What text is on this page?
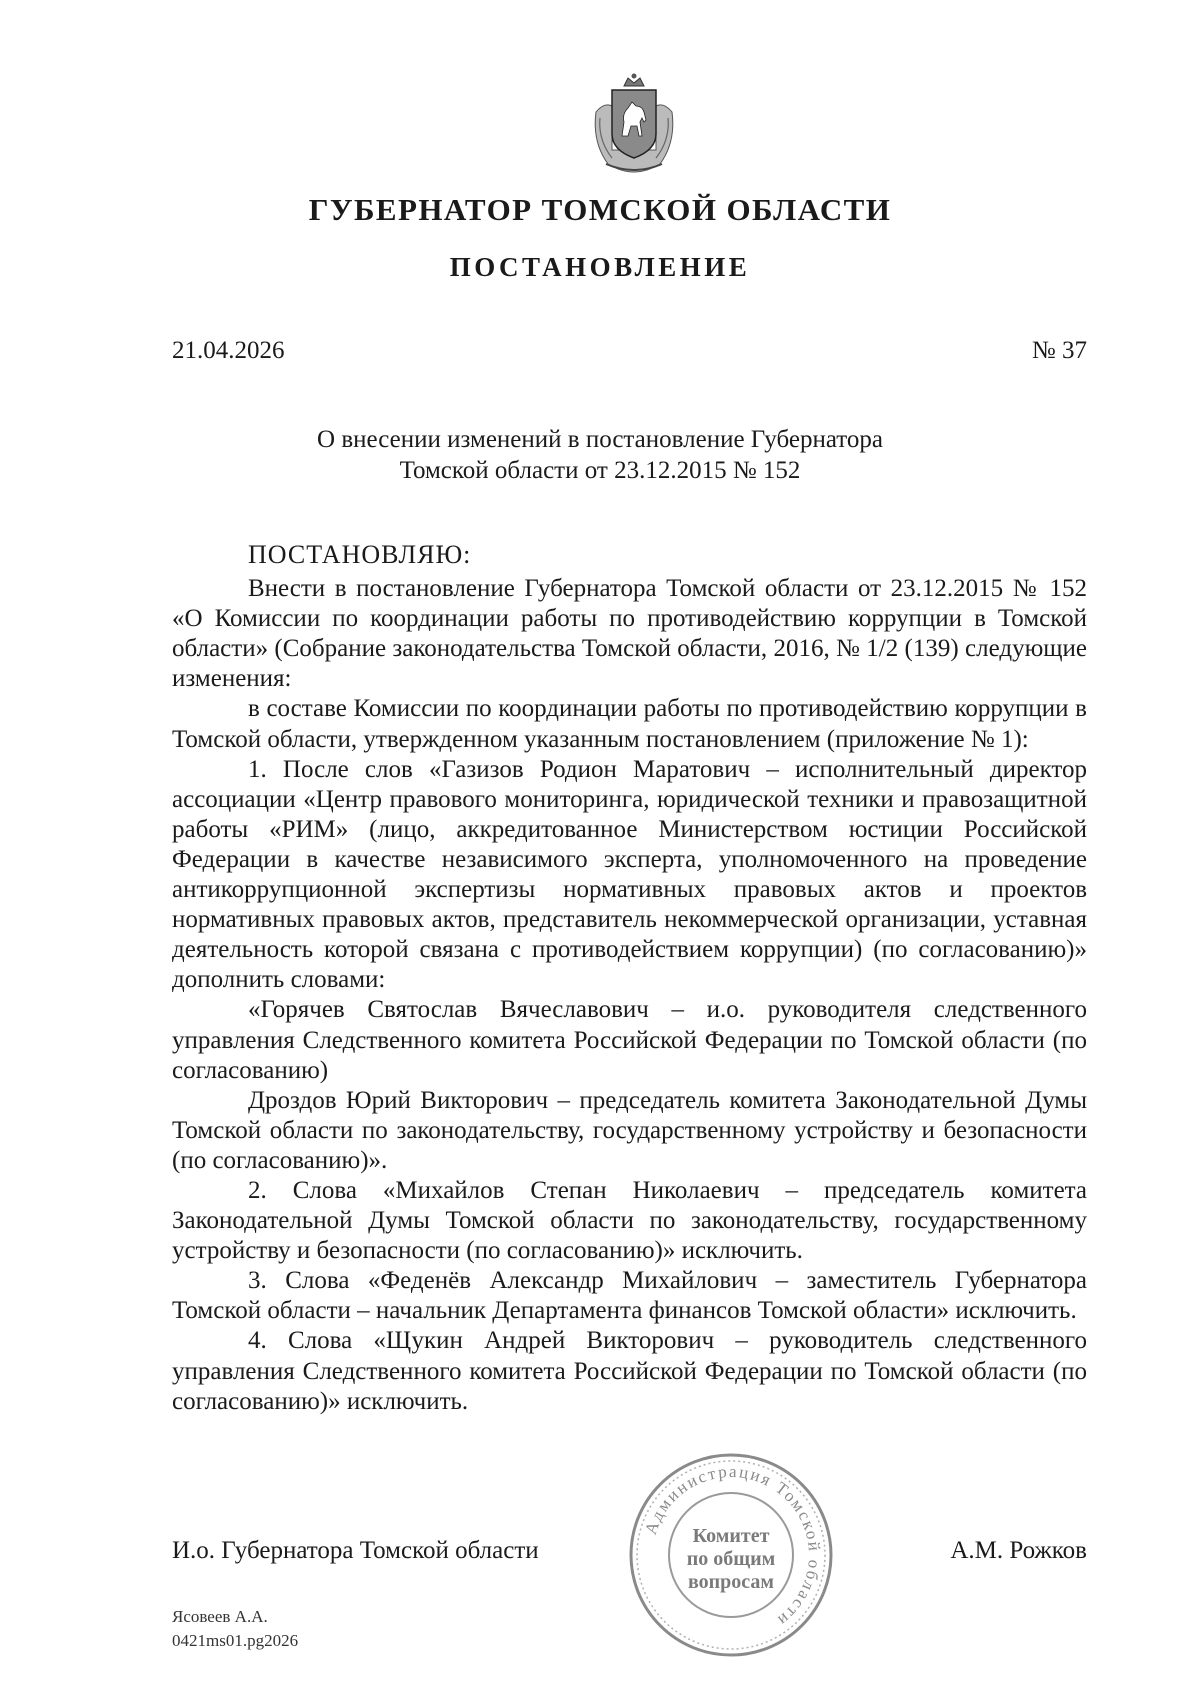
ГУБЕРНАТОР ТОМСКОЙ ОБЛАСТИ
ПОСТАНОВЛЕНИЕ
21.04.2026	№ 37
О внесении изменений в постановление Губернатора
Томской области от 23.12.2015 № 152

ПОСТАНОВЛЯЮ:

Внести в постановление Губернатора Томской области от 23.12.2015 № 152 «О Комиссии по координации работы по противодействию коррупции в Томской области» (Собрание законодательства Томской области, 2016, № 1/2 (139) следующие изменения:

в составе Комиссии по координации работы по противодействию коррупции в Томской области, утвержденном указанным постановлением (приложение № 1):

1. После слов «Газизов Родион Маратович – исполнительный директор ассоциации «Центр правового мониторинга, юридической техники и правозащитной работы «РИМ» (лицо, аккредитованное Министерством юстиции Российской Федерации в качестве независимого эксперта, уполномоченного на проведение антикоррупционной экспертизы нормативных правовых актов и проектов нормативных правовых актов, представитель некоммерческой организации, уставная деятельность которой связана с противодействием коррупции) (по согласованию)» дополнить словами:

«Горячев Святослав Вячеславович – и.о. руководителя следственного управления Следственного комитета Российской Федерации по Томской области (по согласованию)

Дроздов Юрий Викторович – председатель комитета Законодательной Думы Томской области по законодательству, государственному устройству и безопасности (по согласованию)».

2. Слова «Михайлов Степан Николаевич – председатель комитета Законодательной Думы Томской области по законодательству, государственному устройству и безопасности (по согласованию)» исключить.

3. Слова «Феденёв Александр Михайлович – заместитель Губернатора Томской области – начальник Департамента финансов Томской области» исключить.

4. Слова «Щукин Андрей Викторович – руководитель следственного управления Следственного комитета Российской Федерации по Томской области (по согласованию)» исключить.

Администрация Томской области
Комитет
по общим
вопросам
И.о. Губернатора Томской области	А.М. Рожков
Ясовеев А.А.
0421ms01.pg2026
